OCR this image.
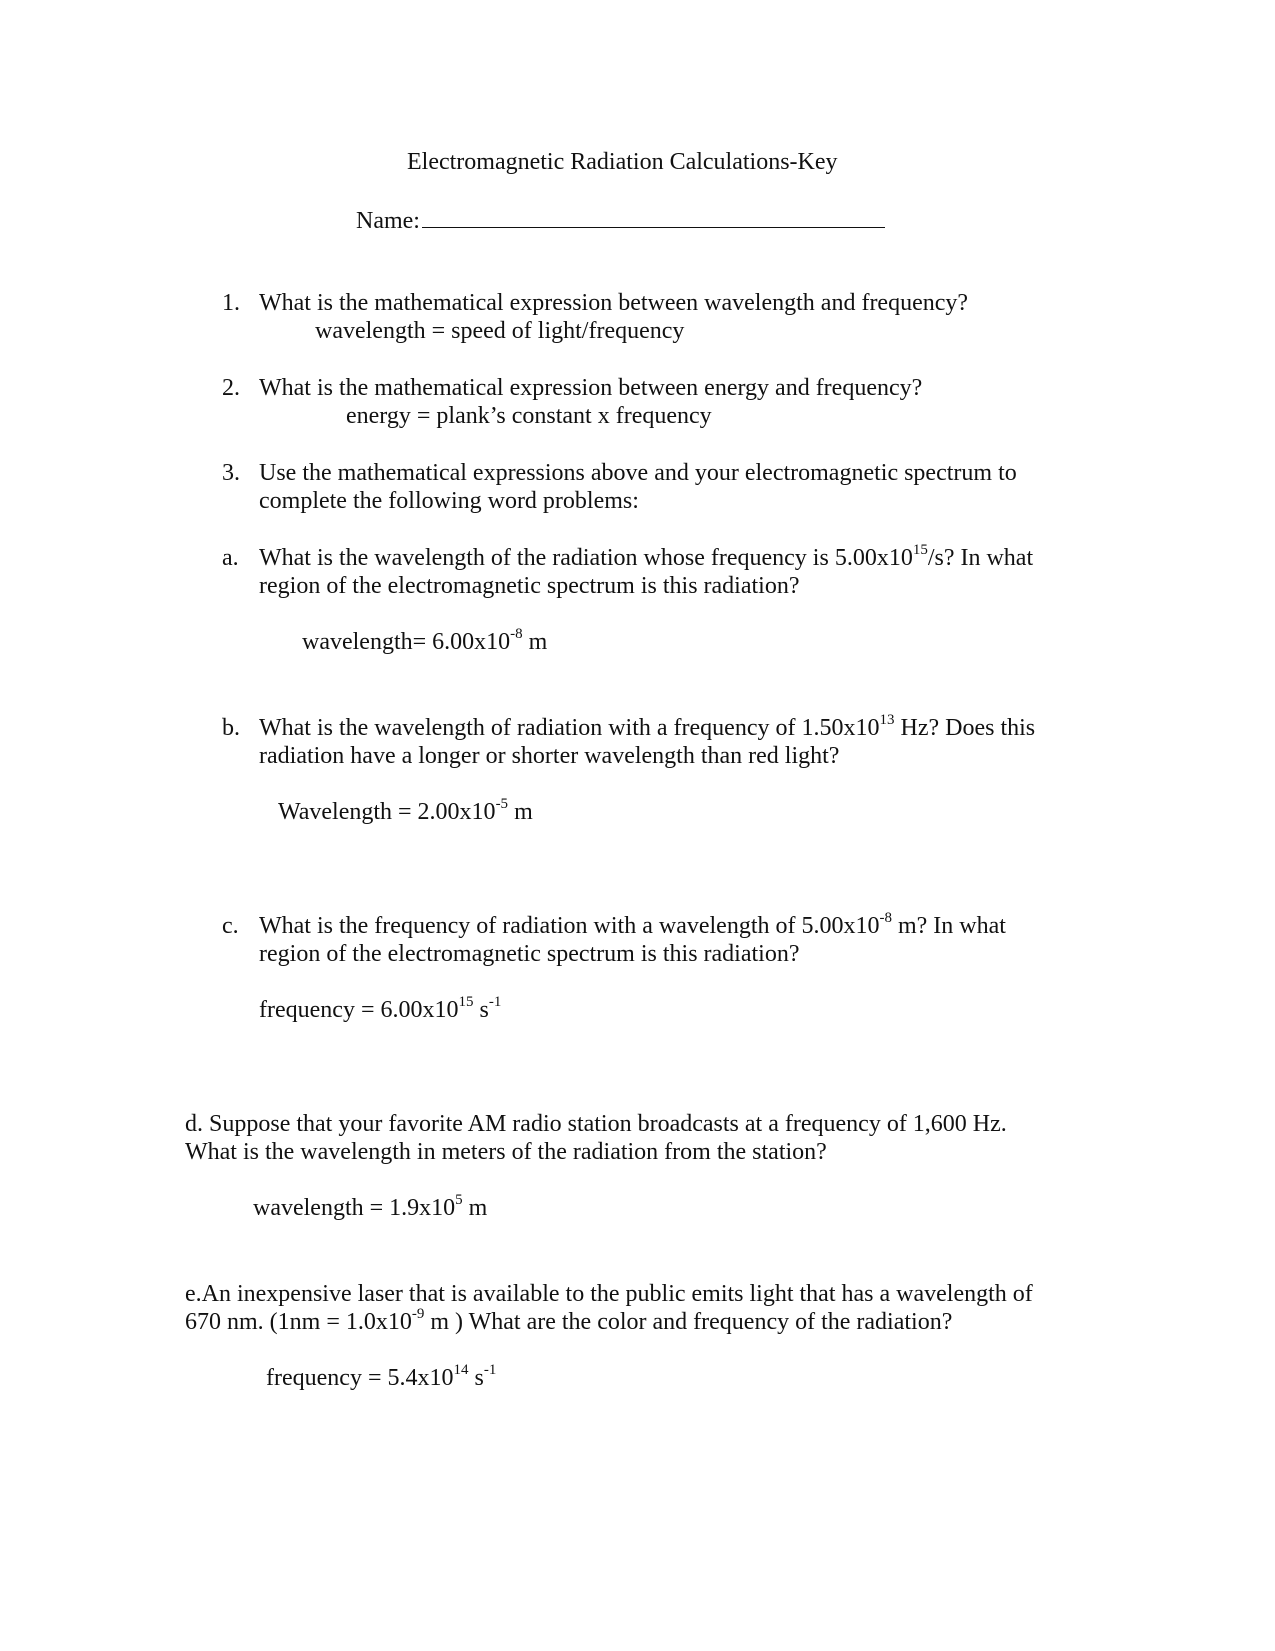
Electromagnetic Radiation Calculations-Key
Name:
1. What is the mathematical expression between wavelength and frequency?
wavelength = speed of light/frequency
2. What is the mathematical expression between energy and frequency?
energy = plank’s constant x frequency
3. Use the mathematical expressions above and your electromagnetic spectrum to
complete the following word problems:
a. What is the wavelength of the radiation whose frequency is $5.00x10^{15}/s$? In what
region of the electromagnetic spectrum is this radiation?
wavelength= $6.00x10^{-8}$ m
b. What is the wavelength of radiation with a frequency of $1.50x10^{13}$ Hz? Does this
radiation have a longer or shorter wavelength than red light?
Wavelength = $2.00x10^{-5}$ m
c. What is the frequency of radiation with a wavelength of $5.00x10^{-8}$ m? In what
region of the electromagnetic spectrum is this radiation?
frequency = $6.00x10^{15}$ $s^{-1}$
d. Suppose that your favorite AM radio station broadcasts at a frequency of 1,600 Hz.
What is the wavelength in meters of the radiation from the station?
wavelength = $1.9x10^5$ m
e.An inexpensive laser that is available to the public emits light that has a wavelength of
670 nm. ($1nm = 1.0x10^{-9}$ m ) What are the color and frequency of the radiation?
frequency = $5.4x10^{14}$ $s^{-1}$
